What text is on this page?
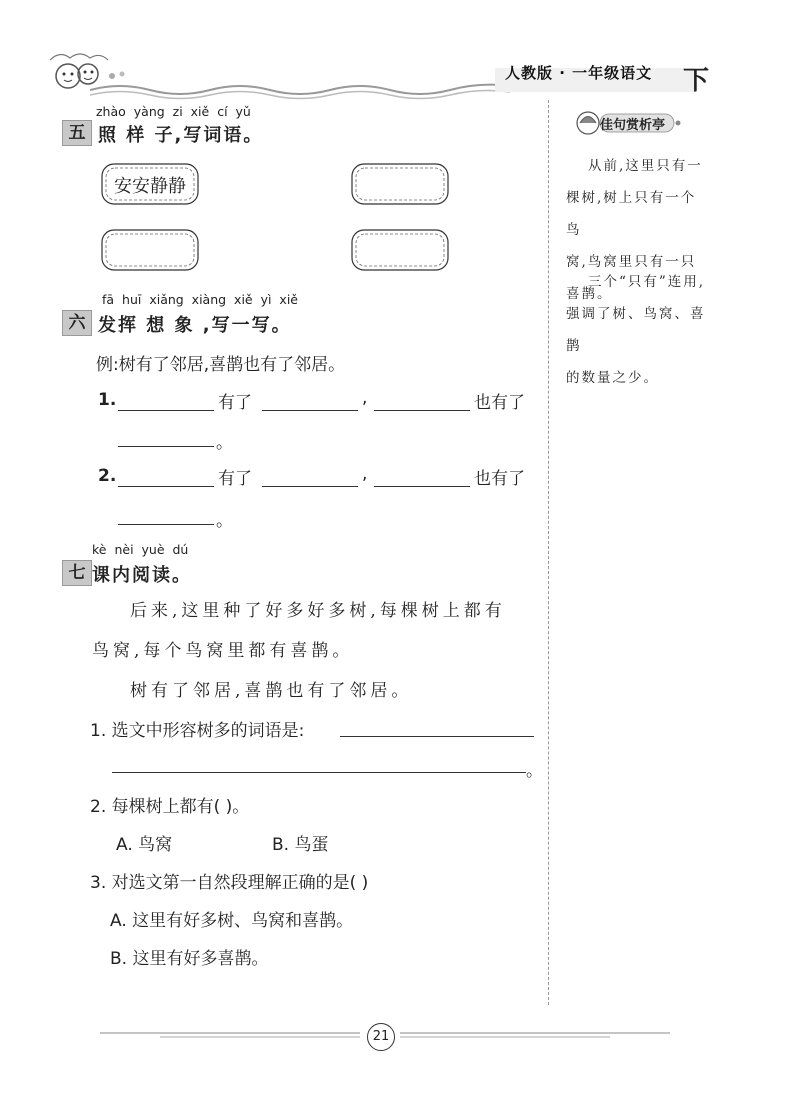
人教版 · 一年级语文 下
zhào yàng zi xiě cí yǔ
五 照 样 子,写词语。
安安静静
fā huī xiǎng xiàng xiě yì xiě
六 发挥 想 象 ,写一写。
例:树有了邻居,喜鹊也有了邻居。
1.	有了	,	也有了
。
2.	有了	,	也有了
。
kè nèi yuè dú
七 课内阅读。
后来,这里种了好多好多树,每棵树上都有
鸟窝,每个鸟窝里都有喜鹊。
树有了邻居,喜鹊也有了邻居。
1. 选文中形容树多的词语是:
。
2. 每棵树上都有( )。
A. 鸟窝	B. 鸟蛋
3. 对选文第一自然段理解正确的是( )
A. 这里有好多树、鸟窝和喜鹊。
B. 这里有好多喜鹊。
佳句赏析亭
从前,这里只有一
棵树,树上只有一个鸟
窝,鸟窝里只有一只
喜鹊。
三个“只有”连用,
强调了树、鸟窝、喜鹊
的数量之少。
21
